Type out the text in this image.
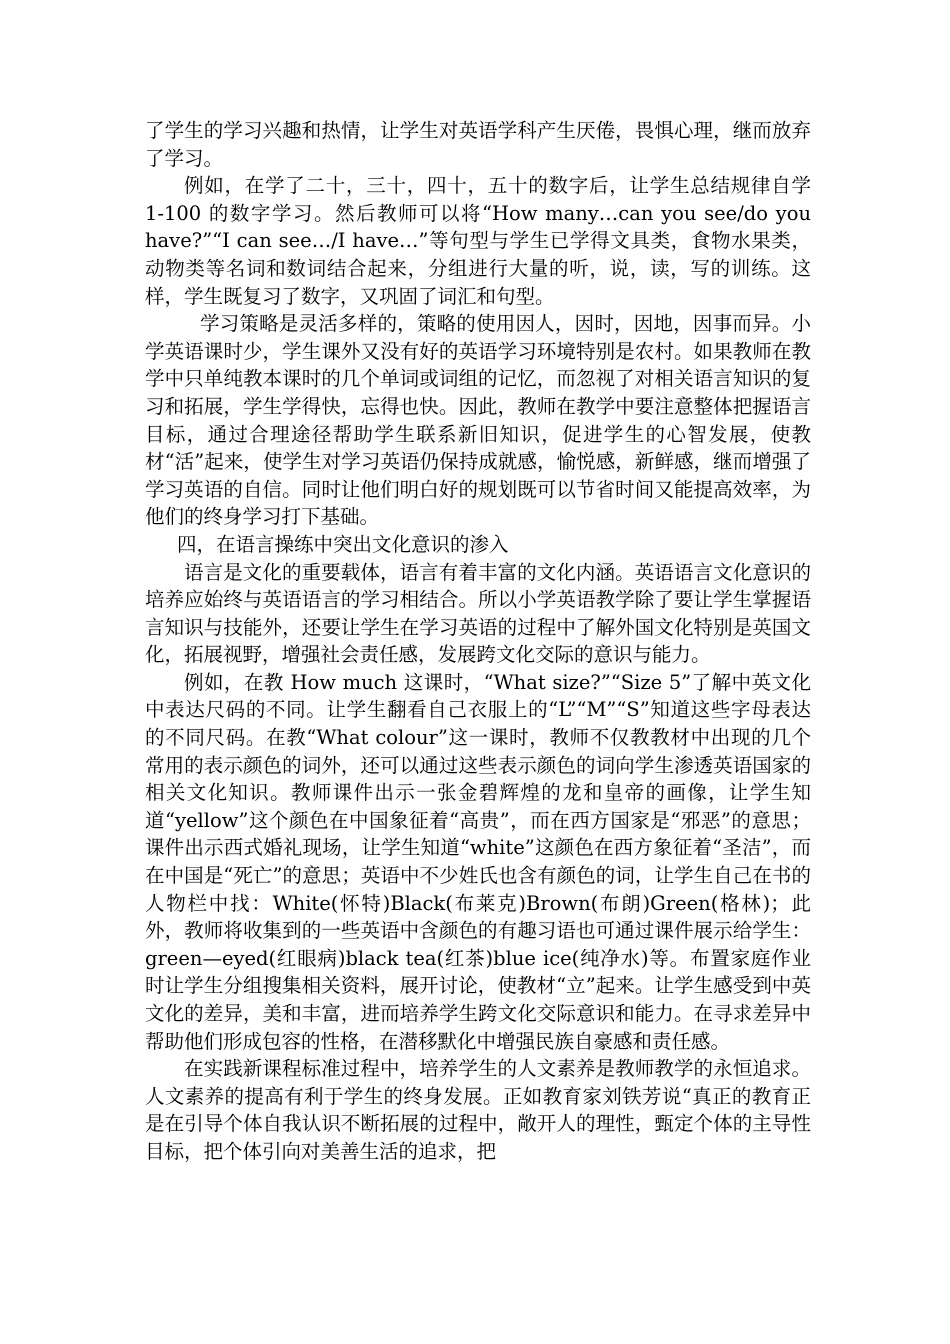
了学生的学习兴趣和热情，让学生对英语学科产生厌倦，畏惧心理，继而放弃了学习。

例如，在学了二十，三十，四十，五十的数字后，让学生总结规律自学 1-100 的数字学习。然后教师可以将“How many…can you see/do you have?”“I can see…/I have…”等句型与学生已学得文具类，食物水果类，动物类等名词和数词结合起来，分组进行大量的听，说，读，写的训练。这样，学生既复习了数字，又巩固了词汇和句型。

学习策略是灵活多样的，策略的使用因人，因时，因地，因事而异。小学英语课时少，学生课外又没有好的英语学习环境特别是农村。如果教师在教学中只单纯教本课时的几个单词或词组的记忆，而忽视了对相关语言知识的复习和拓展，学生学得快，忘得也快。因此，教师在教学中要注意整体把握语言目标，通过合理途径帮助学生联系新旧知识，促进学生的心智发展，使教材“活”起来，使学生对学习英语仍保持成就感，愉悦感，新鲜感，继而增强了学习英语的自信。同时让他们明白好的规划既可以节省时间又能提高效率，为他们的终身学习打下基础。

四，在语言操练中突出文化意识的渗入

语言是文化的重要载体，语言有着丰富的文化内涵。英语语言文化意识的培养应始终与英语语言的学习相结合。所以小学英语教学除了要让学生掌握语言知识与技能外，还要让学生在学习英语的过程中了解外国文化特别是英国文化，拓展视野，增强社会责任感，发展跨文化交际的意识与能力。

例如，在教 How much 这课时，“What size?”“Size 5”了解中英文化中表达尺码的不同。让学生翻看自己衣服上的“L”“M”“S”知道这些字母表达的不同尺码。在教“What colour”这一课时，教师不仅教教材中出现的几个常用的表示颜色的词外，还可以通过这些表示颜色的词向学生渗透英语国家的相关文化知识。教师课件出示一张金碧辉煌的龙和皇帝的画像，让学生知道“yellow”这个颜色在中国象征着“高贵”，而在西方国家是“邪恶”的意思；课件出示西式婚礼现场，让学生知道“white”这颜色在西方象征着“圣洁”，而在中国是“死亡”的意思；英语中不少姓氏也含有颜色的词，让学生自己在书的人物栏中找：White(怀特)Black(布莱克)Brown(布朗)Green(格林)；此外，教师将收集到的一些英语中含颜色的有趣习语也可通过课件展示给学生：green—eyed(红眼病)black tea(红茶)blue ice(纯净水)等。布置家庭作业时让学生分组搜集相关资料，展开讨论，使教材“立”起来。让学生感受到中英文化的差异，美和丰富，进而培养学生跨文化交际意识和能力。在寻求差异中帮助他们形成包容的性格，在潜移默化中增强民族自豪感和责任感。

在实践新课程标准过程中，培养学生的人文素养是教师教学的永恒追求。人文素养的提高有利于学生的终身发展。正如教育家刘铁芳说“真正的教育正是在引导个体自我认识不断拓展的过程中，敞开人的理性，甄定个体的主导性目标，把个体引向对美善生活的追求，把
